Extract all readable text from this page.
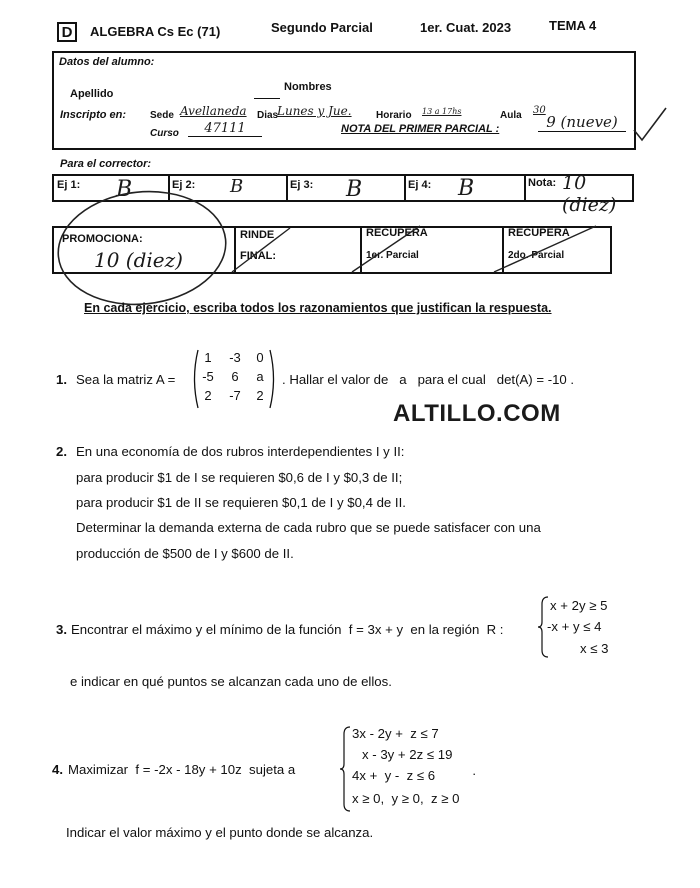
D	ALGEBRA Cs Ec (71)	Segundo Parcial	1er. Cuat. 2023	TEMA 4
Datos del alumno:
Apellido
Nombres
Inscripto en: Sede Avellaneda Dias
Lunes y Jue. Horario 13 a 17hs	Aula 30
Curso	47111	NOTA DEL PRIMER PARCIAL :	9 (nueve)
Para el corrector:
Ej 1: B	Ej 2: B	Ej 3: B	Ej 4: B	Nota: 10 (diez)
PROMOCIONA:
10 (diez)
RINDE
FINAL:
RECUPERA
1er. Parcial
RECUPERA
2do. Parcial
En cada ejercicio, escriba todos los razonamientos que justifican la respuesta.
1. Sea la matriz A =
1	-3	0
-5	6	a
2	-7	2
. Hallar el valor de   a   para el cual   det(A) = -10 .
ALTILLO.COM
2. En una economía de dos rubros interdependientes I y II:
para producir $1 de I se requieren $0,6 de I y $0,3 de II;
para producir $1 de II se requieren $0,1 de I y $0,4 de II.
Determinar la demanda externa de cada rubro que se puede satisfacer con una
producción de $500 de I y $600 de II.
3. Encontrar el máximo y el mínimo de la función  f = 3x + y  en la región  R :
x + 2y ≥ 5
-x + y ≤ 4
x ≤ 3
e indicar en qué puntos se alcanzan cada uno de ellos.
4. Maximizar  f = -2x - 18y + 10z  sujeta a
3x - 2y +  z ≤ 7
x - 3y + 2z ≤ 19
4x +  y -  z ≤ 6
x ≥ 0,  y ≥ 0,  z ≥ 0
·
Indicar el valor máximo y el punto donde se alcanza.
